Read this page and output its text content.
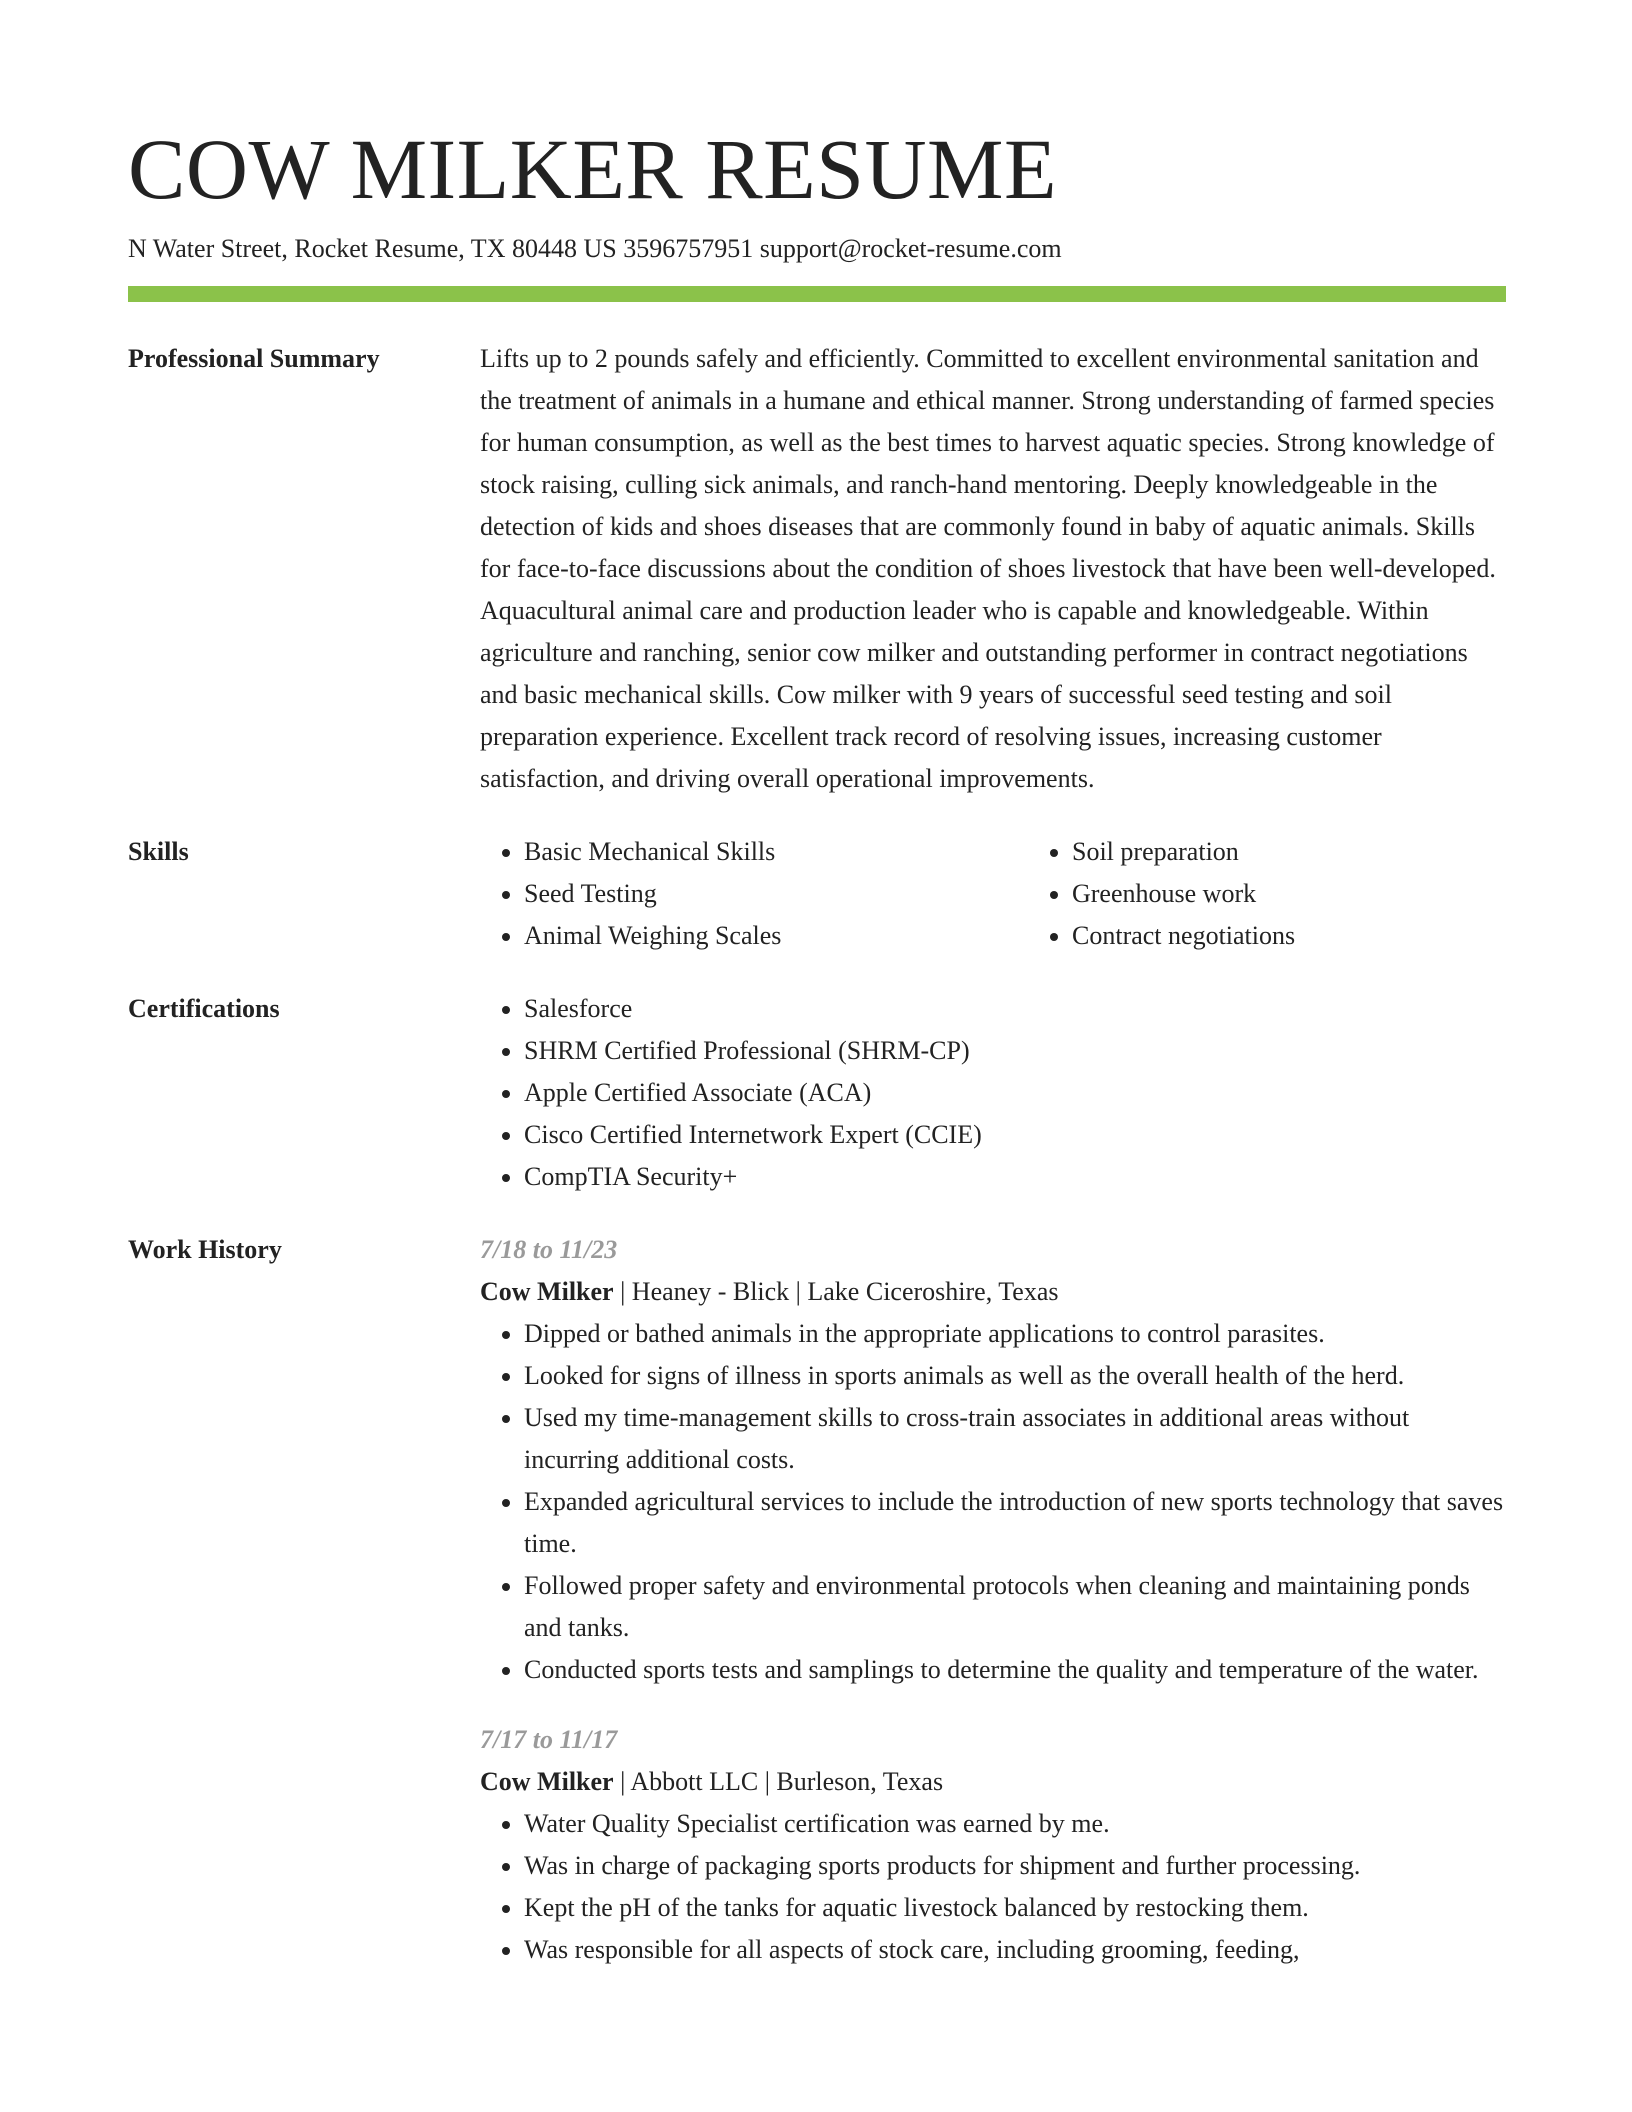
COW MILKER RESUME
N Water Street, Rocket Resume, TX 80448 US 3596757951 support@rocket-resume.com
Professional Summary	Lifts up to 2 pounds safely and efficiently. Committed to excellent environmental sanitation and the treatment of animals in a humane and ethical manner. Strong understanding of farmed species for human consumption, as well as the best times to harvest aquatic species. Strong knowledge of stock raising, culling sick animals, and ranch-hand mentoring. Deeply knowledgeable in the detection of kids and shoes diseases that are commonly found in baby of aquatic animals. Skills for face-to-face discussions about the condition of shoes livestock that have been well-developed. Aquacultural animal care and production leader who is capable and knowledgeable. Within agriculture and ranching, senior cow milker and outstanding performer in contract negotiations and basic mechanical skills. Cow milker with 9 years of successful seed testing and soil preparation experience. Excellent track record of resolving issues, increasing customer satisfaction, and driving overall operational improvements.

Skills	• Basic Mechanical Skills
• Seed Testing
• Animal Weighing Scales
• Soil preparation
• Greenhouse work
• Contract negotiations
Certifications	• Salesforce
• SHRM Certified Professional (SHRM-CP)
• Apple Certified Associate (ACA)
• Cisco Certified Internetwork Expert (CCIE)
• CompTIA Security+
Work History	7/18 to 11/23
Cow Milker | Heaney - Blick | Lake Ciceroshire, Texas
• Dipped or bathed animals in the appropriate applications to control parasites.
• Looked for signs of illness in sports animals as well as the overall health of the herd.
• Used my time-management skills to cross-train associates in additional areas without incurring additional costs.
• Expanded agricultural services to include the introduction of new sports technology that saves time.
• Followed proper safety and environmental protocols when cleaning and maintaining ponds and tanks.
• Conducted sports tests and samplings to determine the quality and temperature of the water.
7/17 to 11/17
Cow Milker | Abbott LLC | Burleson, Texas
• Water Quality Specialist certification was earned by me.
• Was in charge of packaging sports products for shipment and further processing.
• Kept the pH of the tanks for aquatic livestock balanced by restocking them.
• Was responsible for all aspects of stock care, including grooming, feeding,
